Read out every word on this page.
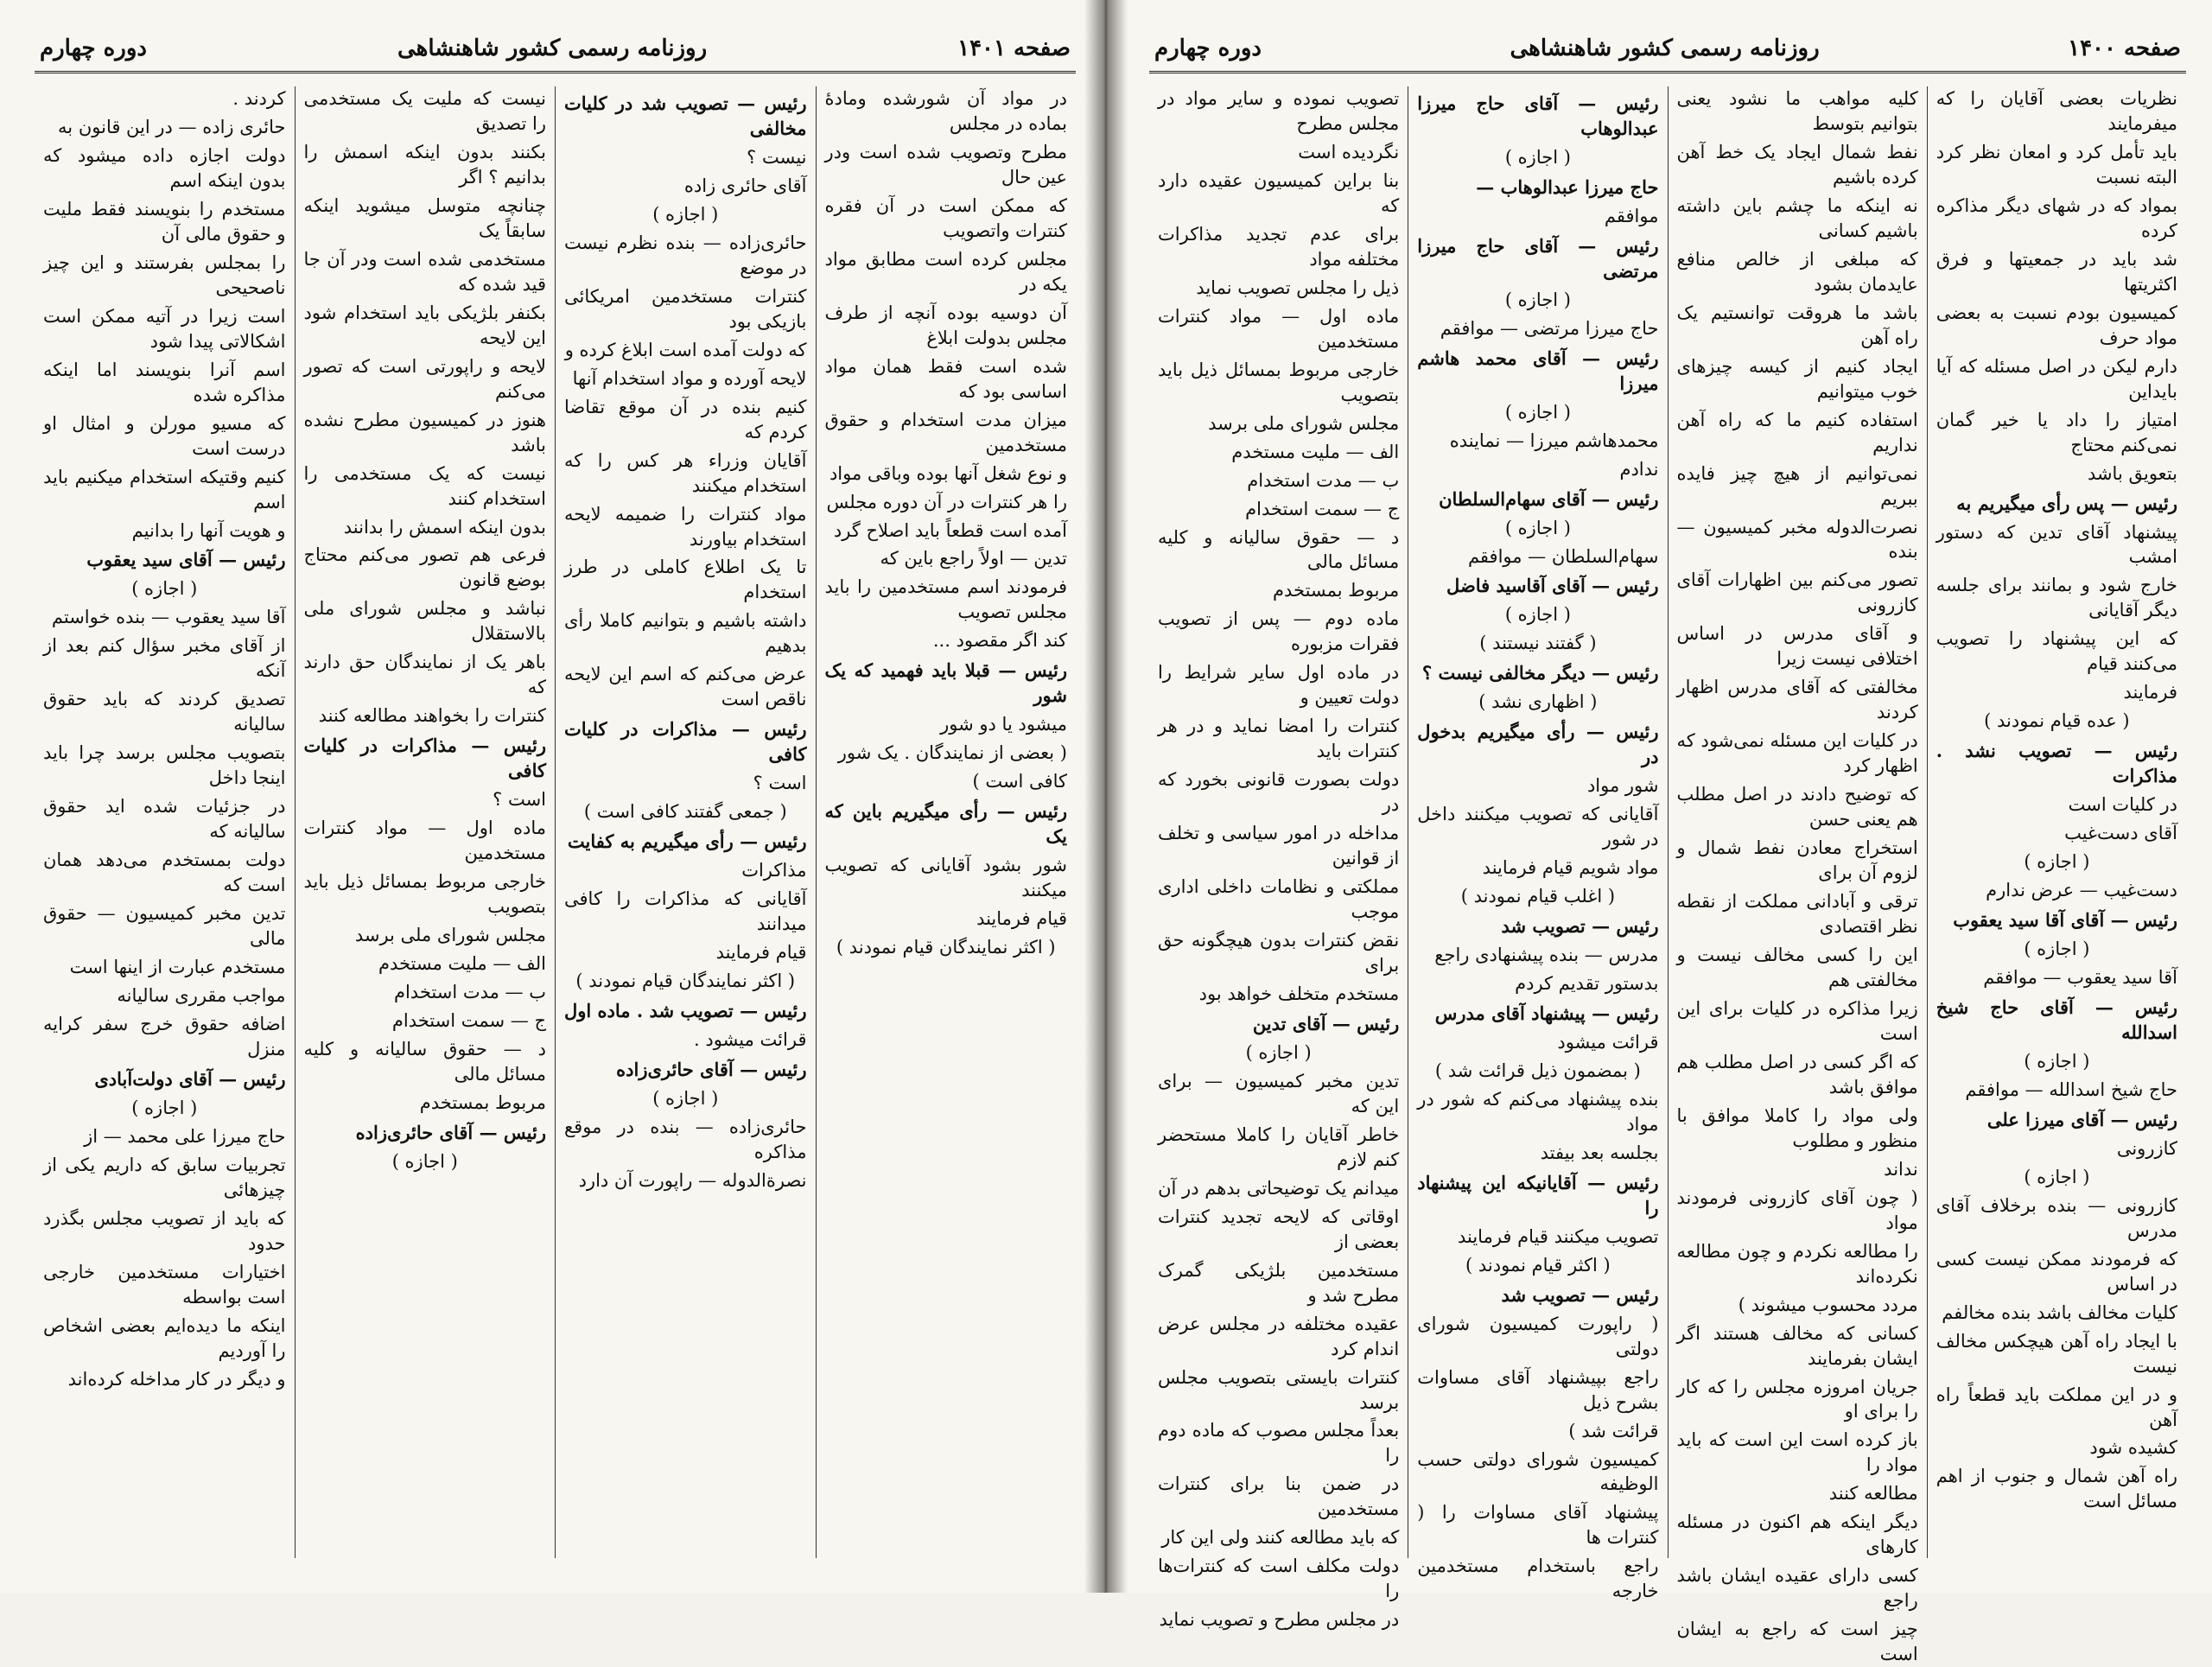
صفحه ۱۴۰۰
روزنامه رسمی کشور شاهنشاهی
دوره چهارم

نظریات بعضی آقایان را که میفرمایند

باید تأمل کرد و امعان نظر کرد البته نسبت

بمواد که در شهای دیگر مذاکره کرده

شد باید در جمعیتها و فرق اکثریتها

کمیسیون بودم نسبت به بعضی مواد حرف

دارم لیکن در اصل مسئله که آیا بایداین

امتیاز را داد یا خیر گمان نمی‌کنم محتاج

بتعویق باشد

رئیس — پس رأی میگیریم به

پیشنهاد آقای تدین که دستور امشب

خارج شود و بمانند برای جلسه دیگر آقایانی

که این پیشنهاد را تصویب می‌کنند قیام

فرمایند

( عده قیام نمودند )

رئیس — تصویب نشد . مذاکرات

در کلیات است

آقای دست‌غیب

( اجازه )

دست‌غیب — عرض ندارم

رئیس — آقای آقا سید یعقوب

( اجازه )

آقا سید یعقوب — موافقم

رئیس — آقای حاج شیخ اسدالله

( اجازه )

حاج شیخ اسدالله — موافقم

رئیس — آقای میرزا علی

کازرونی

( اجازه )

کازرونی — بنده برخلاف آقای مدرس

که فرمودند ممکن نیست کسی در اساس

کلیات مخالف باشد بنده مخالفم

با ایجاد راه آهن هیچکس مخالف نیست

و در این مملکت باید قطعاً راه آهن

کشیده شود

راه آهن شمال و جنوب از اهم مسائل است

کلیه مواهب ما نشود یعنی بتوانیم بتوسط

نفط شمال ایجاد یک خط آهن کرده باشیم

نه اینکه ما چشم باین داشته باشیم کسانی

که مبلغی از خالص منافع عایدمان بشود

باشد ما هروقت توانستیم یک راه آهن

ایجاد کنیم از کیسه چیزهای خوب میتوانیم

استفاده کنیم ما که راه آهن نداریم

نمی‌توانیم از هیچ چیز فایده ببریم

نصرت‌الدوله مخبر کمیسیون — بنده

تصور می‌کنم بین اظهارات آقای کازرونی

و آقای مدرس در اساس اختلافی نیست زیرا

مخالفتی که آقای مدرس اظهار کردند

در کلیات این مسئله نمی‌شود که اظهار کرد

که توضیح دادند در اصل مطلب هم یعنی حسن

استخراج معادن نفط شمال و لزوم آن برای

ترقی و آبادانی مملکت از نقطه نظر اقتصادی

این را کسی مخالف نیست و مخالفتی هم

زیرا مذاکره در کلیات برای این است

که اگر کسی در اصل مطلب هم موافق باشد

ولی مواد را کاملا موافق با منظور و مطلوب

نداند

( چون آقای کازرونی فرمودند مواد

را مطالعه نکردم و چون مطالعه نکرده‌اند

مردد محسوب میشوند )

کسانی که مخالف هستند اگر ایشان بفرمایند

جریان امروزه مجلس را که کار را برای او

باز کرده است این است که باید مواد را

مطالعه کنند

دیگر اینکه هم اکنون در مسئله کارهای

کسی دارای عقیده ایشان باشد راجع

چیز است که راجع به ایشان است

رئیس — آقای حاج میرزا عبدالوهاب

( اجازه )

حاج میرزا عبدالوهاب —

موافقم

رئیس — آقای حاج میرزا مرتضی

( اجازه )

حاج میرزا مرتضی — موافقم

رئیس — آقای محمد هاشم میرزا

( اجازه )

محمدهاشم میرزا — نماینده

ندادم

رئیس — آقای سهام‌السلطان

( اجازه )

سهام‌السلطان — موافقم

رئیس — آقای آقاسید فاضل

( اجازه )

( گفتند نیستند )

رئیس — دیگر مخالفی نیست ؟

( اظهاری نشد )

رئیس — رأی میگیریم بدخول در

شور مواد

آقایانی که تصویب میکنند داخل در شور

مواد شویم قیام فرمایند

( اغلب قیام نمودند )

رئیس — تصویب شد

مدرس — بنده پیشنهادی راجع

بدستور تقدیم کردم

رئیس — پیشنهاد آقای مدرس

قرائت میشود

( بمضمون ذیل قرائت شد )

بنده پیشنهاد می‌کنم که شور در مواد

بجلسه بعد بیفتد

رئیس — آقایانیکه این پیشنهاد را

تصویب میکنند قیام فرمایند

( اکثر قیام نمودند )

رئیس — تصویب شد

( راپورت کمیسیون شورای دولتی

راجع بپیشنهاد آقای مساوات بشرح ذیل

قرائت شد )

کمیسیون شورای دولتی حسب الوظیفه

پیشنهاد آقای مساوات را ( کنترات ها

راجع باستخدام مستخدمین خارجه

تصویب نموده و سایر مواد در مجلس مطرح

نگردیده است

بنا براین کمیسیون عقیده دارد که

برای عدم تجدید مذاکرات مختلفه مواد

ذیل را مجلس تصویب نماید

ماده اول — مواد کنترات مستخدمین

خارجی مربوط بمسائل ذیل باید بتصویب

مجلس شورای ملی برسد

الف — ملیت مستخدم

ب — مدت استخدام

ج — سمت استخدام

د — حقوق سالیانه و کلیه مسائل مالی

مربوط بمستخدم

ماده دوم — پس از تصویب فقرات مزبوره

در ماده اول سایر شرایط را دولت تعیین و

کنترات را امضا نماید و در هر کنترات باید

دولت بصورت قانونی بخورد که در

مداخله در امور سیاسی و تخلف از قوانین

مملکتی و نظامات داخلی اداری موجب

نقض کنترات بدون هیچگونه حق برای

مستخدم متخلف خواهد بود

رئیس — آقای تدین

( اجازه )

تدین مخبر کمیسیون — برای این که

خاطر آقایان را کاملا مستحضر کنم لازم

میدانم یک توضیحاتی بدهم در آن

اوقاتی که لایحه تجدید کنترات بعضی از

مستخدمین بلژیکی گمرک مطرح شد و

عقیده مختلفه در مجلس عرض اندام کرد

کنترات بایستی بتصویب مجلس برسد

بعداً مجلس مصوب که ماده دوم را

در ضمن بنا برای کنترات مستخدمین

که باید مطالعه کنند ولی این کار

دولت مکلف است که کنترات‌ها را

در مجلس مطرح و تصویب نماید

صفحه ۱۴۰۱
روزنامه رسمی کشور شاهنشاهی
دوره چهارم

در مواد آن شورشده ومادهٔ بماده در مجلس

مطرح وتصویب شده است ودر عین حال

که ممکن است در آن فقره کنترات واتصویب

مجلس کرده است مطابق مواد یکه در

آن دوسیه بوده آنچه از طرف مجلس بدولت ابلاغ

شده است فقط همان مواد اساسی بود که

میزان مدت استخدام و حقوق مستخدمین

و نوع شغل آنها بوده وباقی مواد

را هر کنترات در آن دوره مجلس

آمده است قطعاً باید اصلاح گرد

تدین — اولاً راجع باین که

فرمودند اسم مستخدمین را باید مجلس تصویب

کند اگر مقصود ...

رئیس — قبلا باید فهمید که یک شور

میشود یا دو شور

( بعضی از نمایندگان . یک شور

کافی است )

رئیس — رأی میگیریم باین که یک

شور بشود آقایانی که تصویب میکنند

قیام فرمایند

( اکثر نمایندگان قیام نمودند )

رئیس — تصویب شد در کلیات مخالفی

نیست ؟

آقای حائری زاده

( اجازه )

حائری‌زاده — بنده نظرم نیست در موضع

کنترات مستخدمین امریکائی بازیکی بود

که دولت آمده است ابلاغ کرده و

لایحه آورده و مواد استخدام آنها

کنیم بنده در آن موقع تقاضا کردم که

آقایان وزراء هر کس را که استخدام میکنند

مواد کنترات را ضمیمه لایحه استخدام بیاورند

تا یک اطلاع کاملی در طرز استخدام

داشته باشیم و بتوانیم کاملا رأی بدهیم

عرض می‌کنم که اسم این لایحه ناقص است

رئیس — مذاکرات در کلیات کافی

است ؟

( جمعی گفتند کافی است )

رئیس — رأی میگیریم به کفایت

مذاکرات

آقایانی که مذاکرات را کافی میدانند

قیام فرمایند

( اکثر نمایندگان قیام نمودند )

رئیس — تصویب شد . ماده اول

قرائت میشود .

رئیس — آقای حائری‌زاده

( اجازه )

حائری‌زاده — بنده در موقع مذاکره

نصرة‌الدوله — راپورت آن دارد

نیست که ملیت یک مستخدمی را تصدیق

بکنند بدون اینکه اسمش را بدانیم ؟ اگر

چنانچه متوسل میشوید اینکه سابقاً یک

مستخدمی شده است ودر آن جا قید شده که

بکنفر بلژیکی باید استخدام شود این لایحه

لایحه و راپورتی است که تصور می‌کنم

هنوز در کمیسیون مطرح نشده باشد

نیست که یک مستخدمی را استخدام کنند

بدون اینکه اسمش را بدانند

فرعی هم تصور می‌کنم محتاج بوضع قانون

نباشد و مجلس شورای ملی بالاستقلال

باهر یک از نمایندگان حق دارند که

کنترات را بخواهند مطالعه کنند

رئیس — مذاکرات در کلیات کافی

است ؟

ماده اول — مواد کنترات مستخدمین

خارجی مربوط بمسائل ذیل باید بتصویب

مجلس شورای ملی برسد

الف — ملیت مستخدم

ب — مدت استخدام

ج — سمت استخدام

د — حقوق سالیانه و کلیه مسائل مالی

مربوط بمستخدم

رئیس — آقای حائری‌زاده

( اجازه )

کردند .

حائری زاده — در این قانون به

دولت اجازه داده میشود که بدون اینکه اسم

مستخدم را بنویسند فقط ملیت و حقوق مالی آن

را بمجلس بفرستند و این چیز ناصحیحی

است زیرا در آتیه ممکن است اشکالاتی پیدا شود

اسم آنرا بنویسند اما اینکه مذاکره شده

که مسیو مورلن و امثال او درست است

کنیم وقتیکه استخدام میکنیم باید اسم

و هویت آنها را بدانیم

رئیس — آقای سید یعقوب

( اجازه )

آقا سید یعقوب — بنده خواستم

از آقای مخبر سؤال کنم بعد از آنکه

تصدیق کردند که باید حقوق سالیانه

بتصویب مجلس برسد چرا باید اینجا داخل

در جزئیات شده اید حقوق سالیانه که

دولت بمستخدم می‌دهد همان است که

تدین مخبر کمیسیون — حقوق مالی

مستخدم عبارت از اینها است

مواجب مقرری سالیانه

اضافه حقوق خرج سفر کرایه منزل

رئیس — آقای دولت‌آبادی

( اجازه )

حاج میرزا علی محمد — از

تجربیات سابق که داریم یکی از چیزهائی

که باید از تصویب مجلس بگذرد حدود

اختیارات مستخدمین خارجی است بواسطه

اینکه ما دیده‌ایم بعضی اشخاص را آوردیم

و دیگر در کار مداخله کرده‌اند
